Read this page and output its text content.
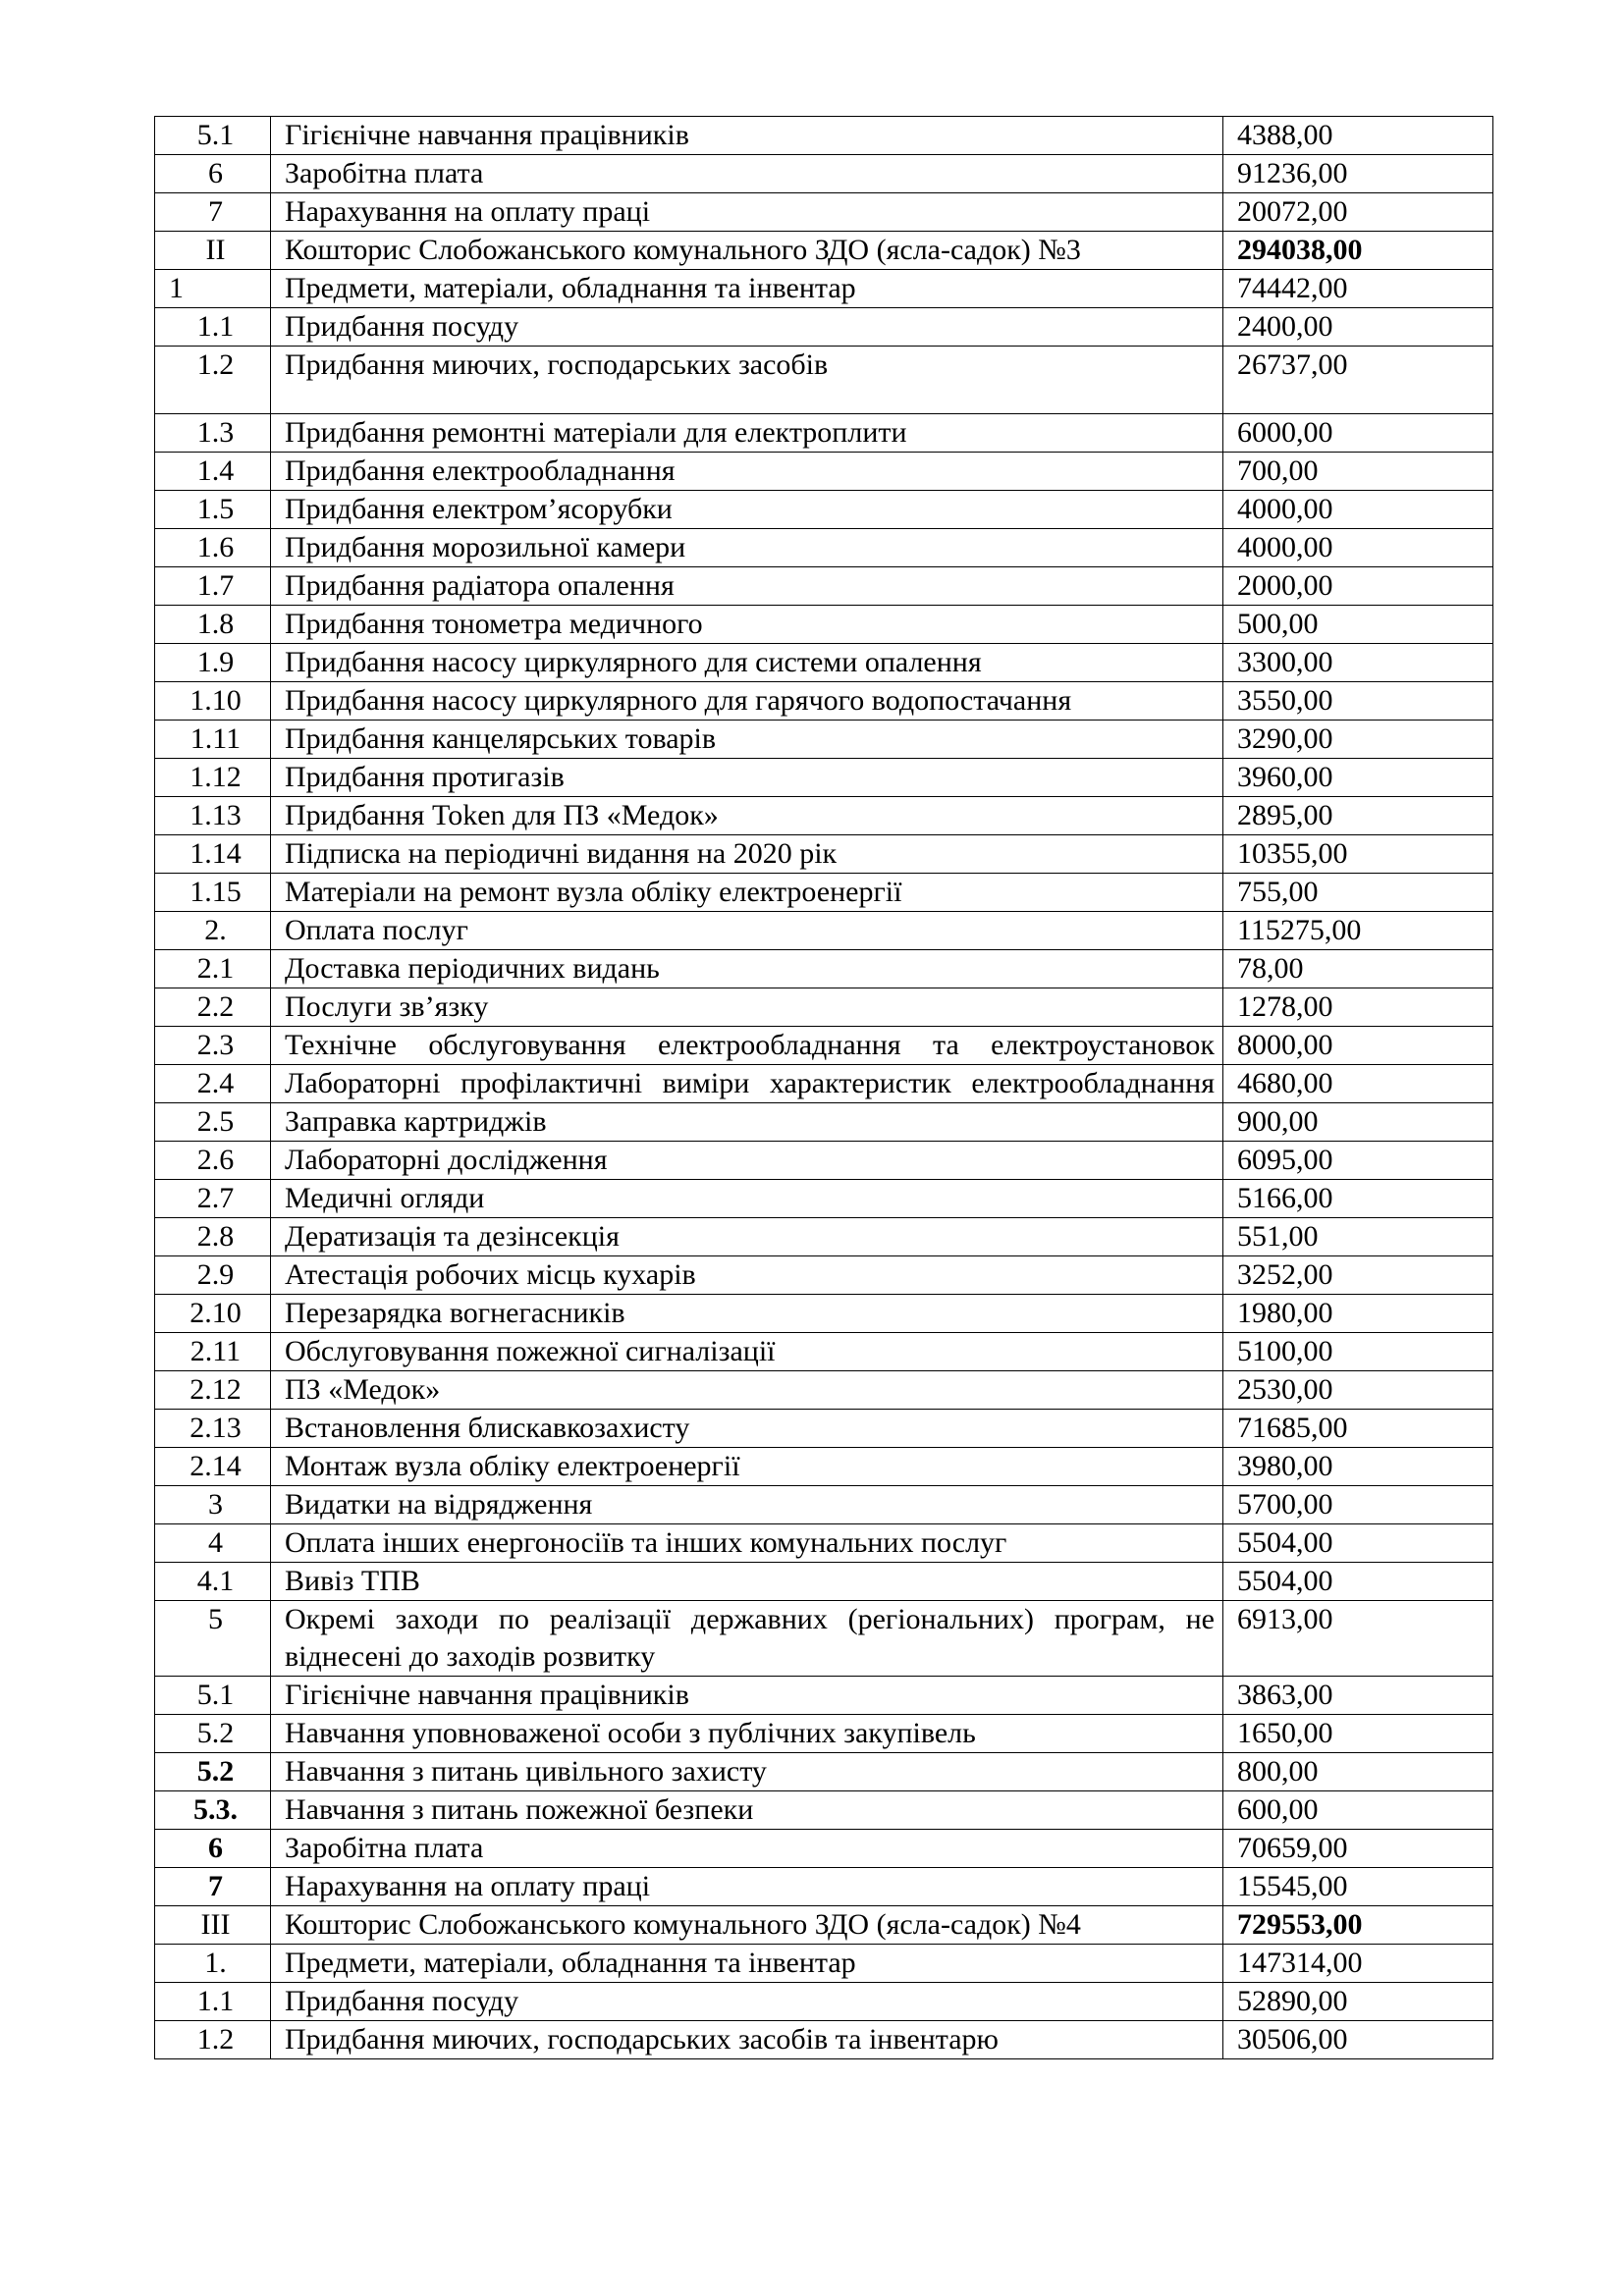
5.1	Гігієнічне навчання працівників	4388,00
6	Заробітна плата	91236,00
7	Нарахування на оплату праці	20072,00
II	Кошторис Слобожанського комунального ЗДО (ясла-садок) №3	294038,00
1	Предмети, матеріали, обладнання та інвентар	74442,00
1.1	Придбання посуду	2400,00
1.2	Придбання миючих, господарських засобів	26737,00
1.3	Придбання ремонтні матеріали для електроплити	6000,00
1.4	Придбання електрообладнання	700,00
1.5	Придбання електром’ясорубки	4000,00
1.6	Придбання морозильної камери	4000,00
1.7	Придбання радіатора опалення	2000,00
1.8	Придбання тонометра медичного	500,00
1.9	Придбання насосу циркулярного для системи опалення	3300,00
1.10	Придбання насосу циркулярного для гарячого водопостачання	3550,00
1.11	Придбання канцелярських товарів	3290,00
1.12	Придбання протигазів	3960,00
1.13	Придбання Token для ПЗ «Медок»	2895,00
1.14	Підписка на періодичні видання на 2020 рік	10355,00
1.15	Матеріали на ремонт вузла обліку електроенергії	755,00
2.	Оплата послуг	115275,00
2.1	Доставка періодичних видань	78,00
2.2	Послуги зв’язку	1278,00
2.3	Технічне обслуговування електрообладнання та електроустановок	8000,00
2.4	Лабораторні профілактичні виміри характеристик електрообладнання	4680,00
2.5	Заправка картриджів	900,00
2.6	Лабораторні дослідження	6095,00
2.7	Медичні огляди	5166,00
2.8	Дератизація та дезінсекція	551,00
2.9	Атестація робочих місць кухарів	3252,00
2.10	Перезарядка вогнегасників	1980,00
2.11	Обслуговування пожежної сигналізації	5100,00
2.12	ПЗ «Медок»	2530,00
2.13	Встановлення блискавкозахисту	71685,00
2.14	Монтаж вузла обліку електроенергії	3980,00
3	Видатки на відрядження	5700,00
4	Оплата інших енергоносіїв та інших комунальних послуг	5504,00
4.1	Вивіз ТПВ	5504,00
5	Окремі заходи по реалізації державних (регіональних) програм, не віднесені до заходів розвитку	6913,00
5.1	Гігієнічне навчання працівників	3863,00
5.2	Навчання уповноваженої особи з публічних закупівель	1650,00
5.2	Навчання з питань цивільного захисту	800,00
5.3.	Навчання з питань пожежної безпеки	600,00
6	Заробітна плата	70659,00
7	Нарахування на оплату праці	15545,00
III	Кошторис Слобожанського комунального ЗДО (ясла-садок) №4	729553,00
1.	Предмети, матеріали, обладнання та інвентар	147314,00
1.1	Придбання посуду	52890,00
1.2	Придбання миючих, господарських засобів та інвентарю	30506,00
